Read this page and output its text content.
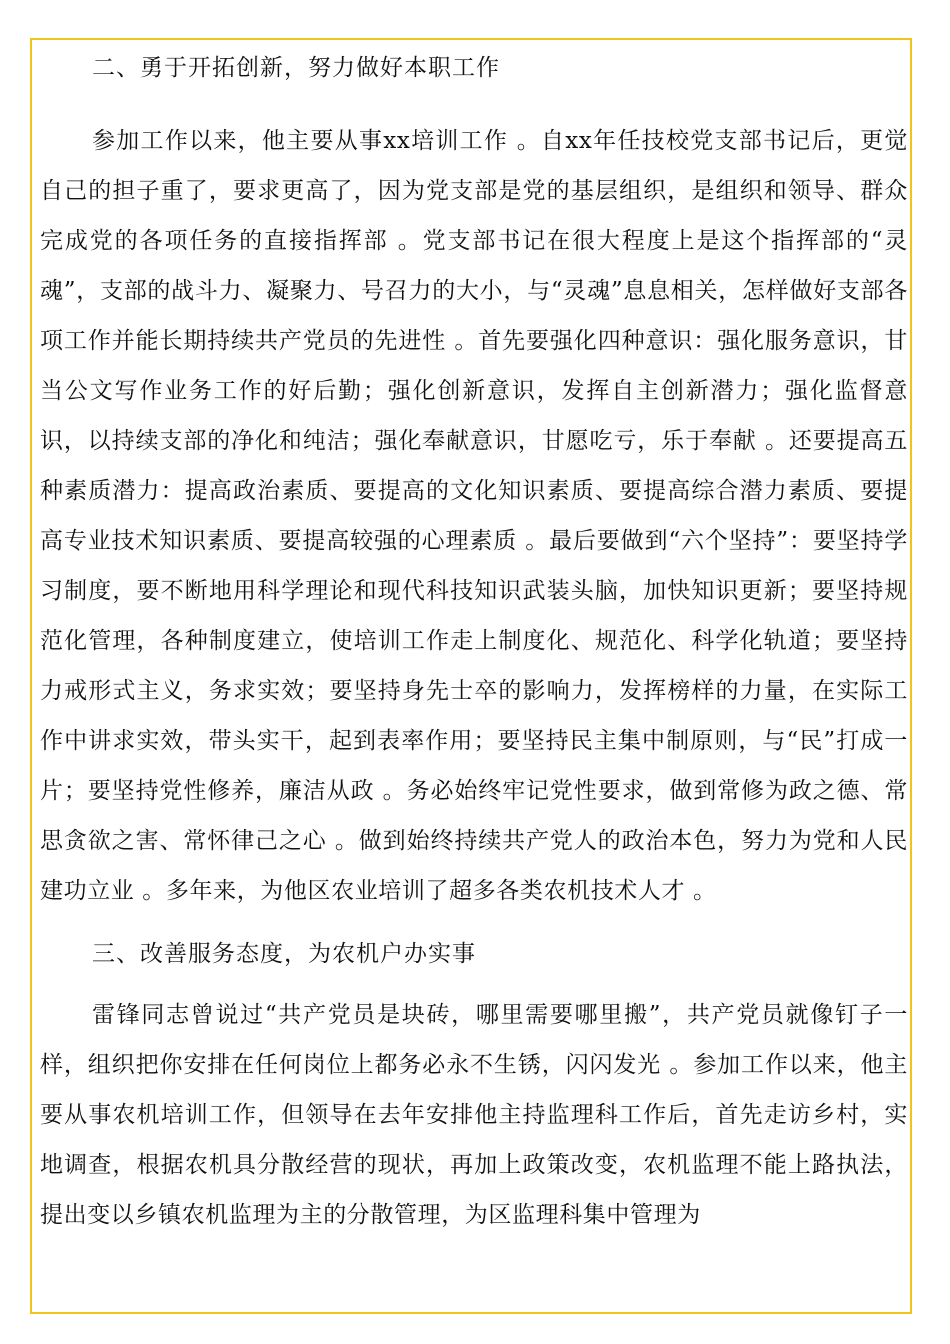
二、勇于开拓创新，努力做好本职工作

参加工作以来，他主要从事xx培训工作 。自xx年任技校党支部书记后，更觉自己的担子重了，要求更高了，因为党支部是党的基层组织，是组织和领导、群众完成党的各项任务的直接指挥部 。党支部书记在很大程度上是这个指挥部的“灵魂”，支部的战斗力、凝聚力、号召力的大小，与“灵魂”息息相关，怎样做好支部各项工作并能长期持续共产党员的先进性 。首先要强化四种意识：强化服务意识，甘当公文写作业务工作的好后勤；强化创新意识，发挥自主创新潜力；强化监督意识，以持续支部的净化和纯洁；强化奉献意识，甘愿吃亏，乐于奉献 。还要提高五种素质潜力：提高政治素质、要提高的文化知识素质、要提高综合潜力素质、要提高专业技术知识素质、要提高较强的心理素质 。最后要做到“六个坚持”：要坚持学习制度，要不断地用科学理论和现代科技知识武装头脑，加快知识更新；要坚持规范化管理，各种制度建立，使培训工作走上制度化、规范化、科学化轨道；要坚持力戒形式主义，务求实效；要坚持身先士卒的影响力，发挥榜样的力量，在实际工作中讲求实效，带头实干，起到表率作用；要坚持民主集中制原则，与“民”打成一片；要坚持党性修养，廉洁从政 。务必始终牢记党性要求，做到常修为政之德、常 思贪欲之害、常怀律己之心 。做到始终持续共产党人的政治本色，努力为党和人民建功立业 。多年来，为他区农业培训了超多各类农机技术人才 。

三、改善服务态度，为农机户办实事

雷锋同志曾说过“共产党员是块砖，哪里需要哪里搬”，共产党员就像钉子一样，组织把你安排在任何岗位上都务必永不生锈，闪闪发光 。参加工作以来，他主要从事农机培训工作，但领导在去年安排他主持监理科工作后，首先走访乡村，实地调查，根据农机具分散经营的现状，再加上政策改变，农机监理不能上路执法，提出变以乡镇农机监理为主的分散管理，为区监理科集中管理为
